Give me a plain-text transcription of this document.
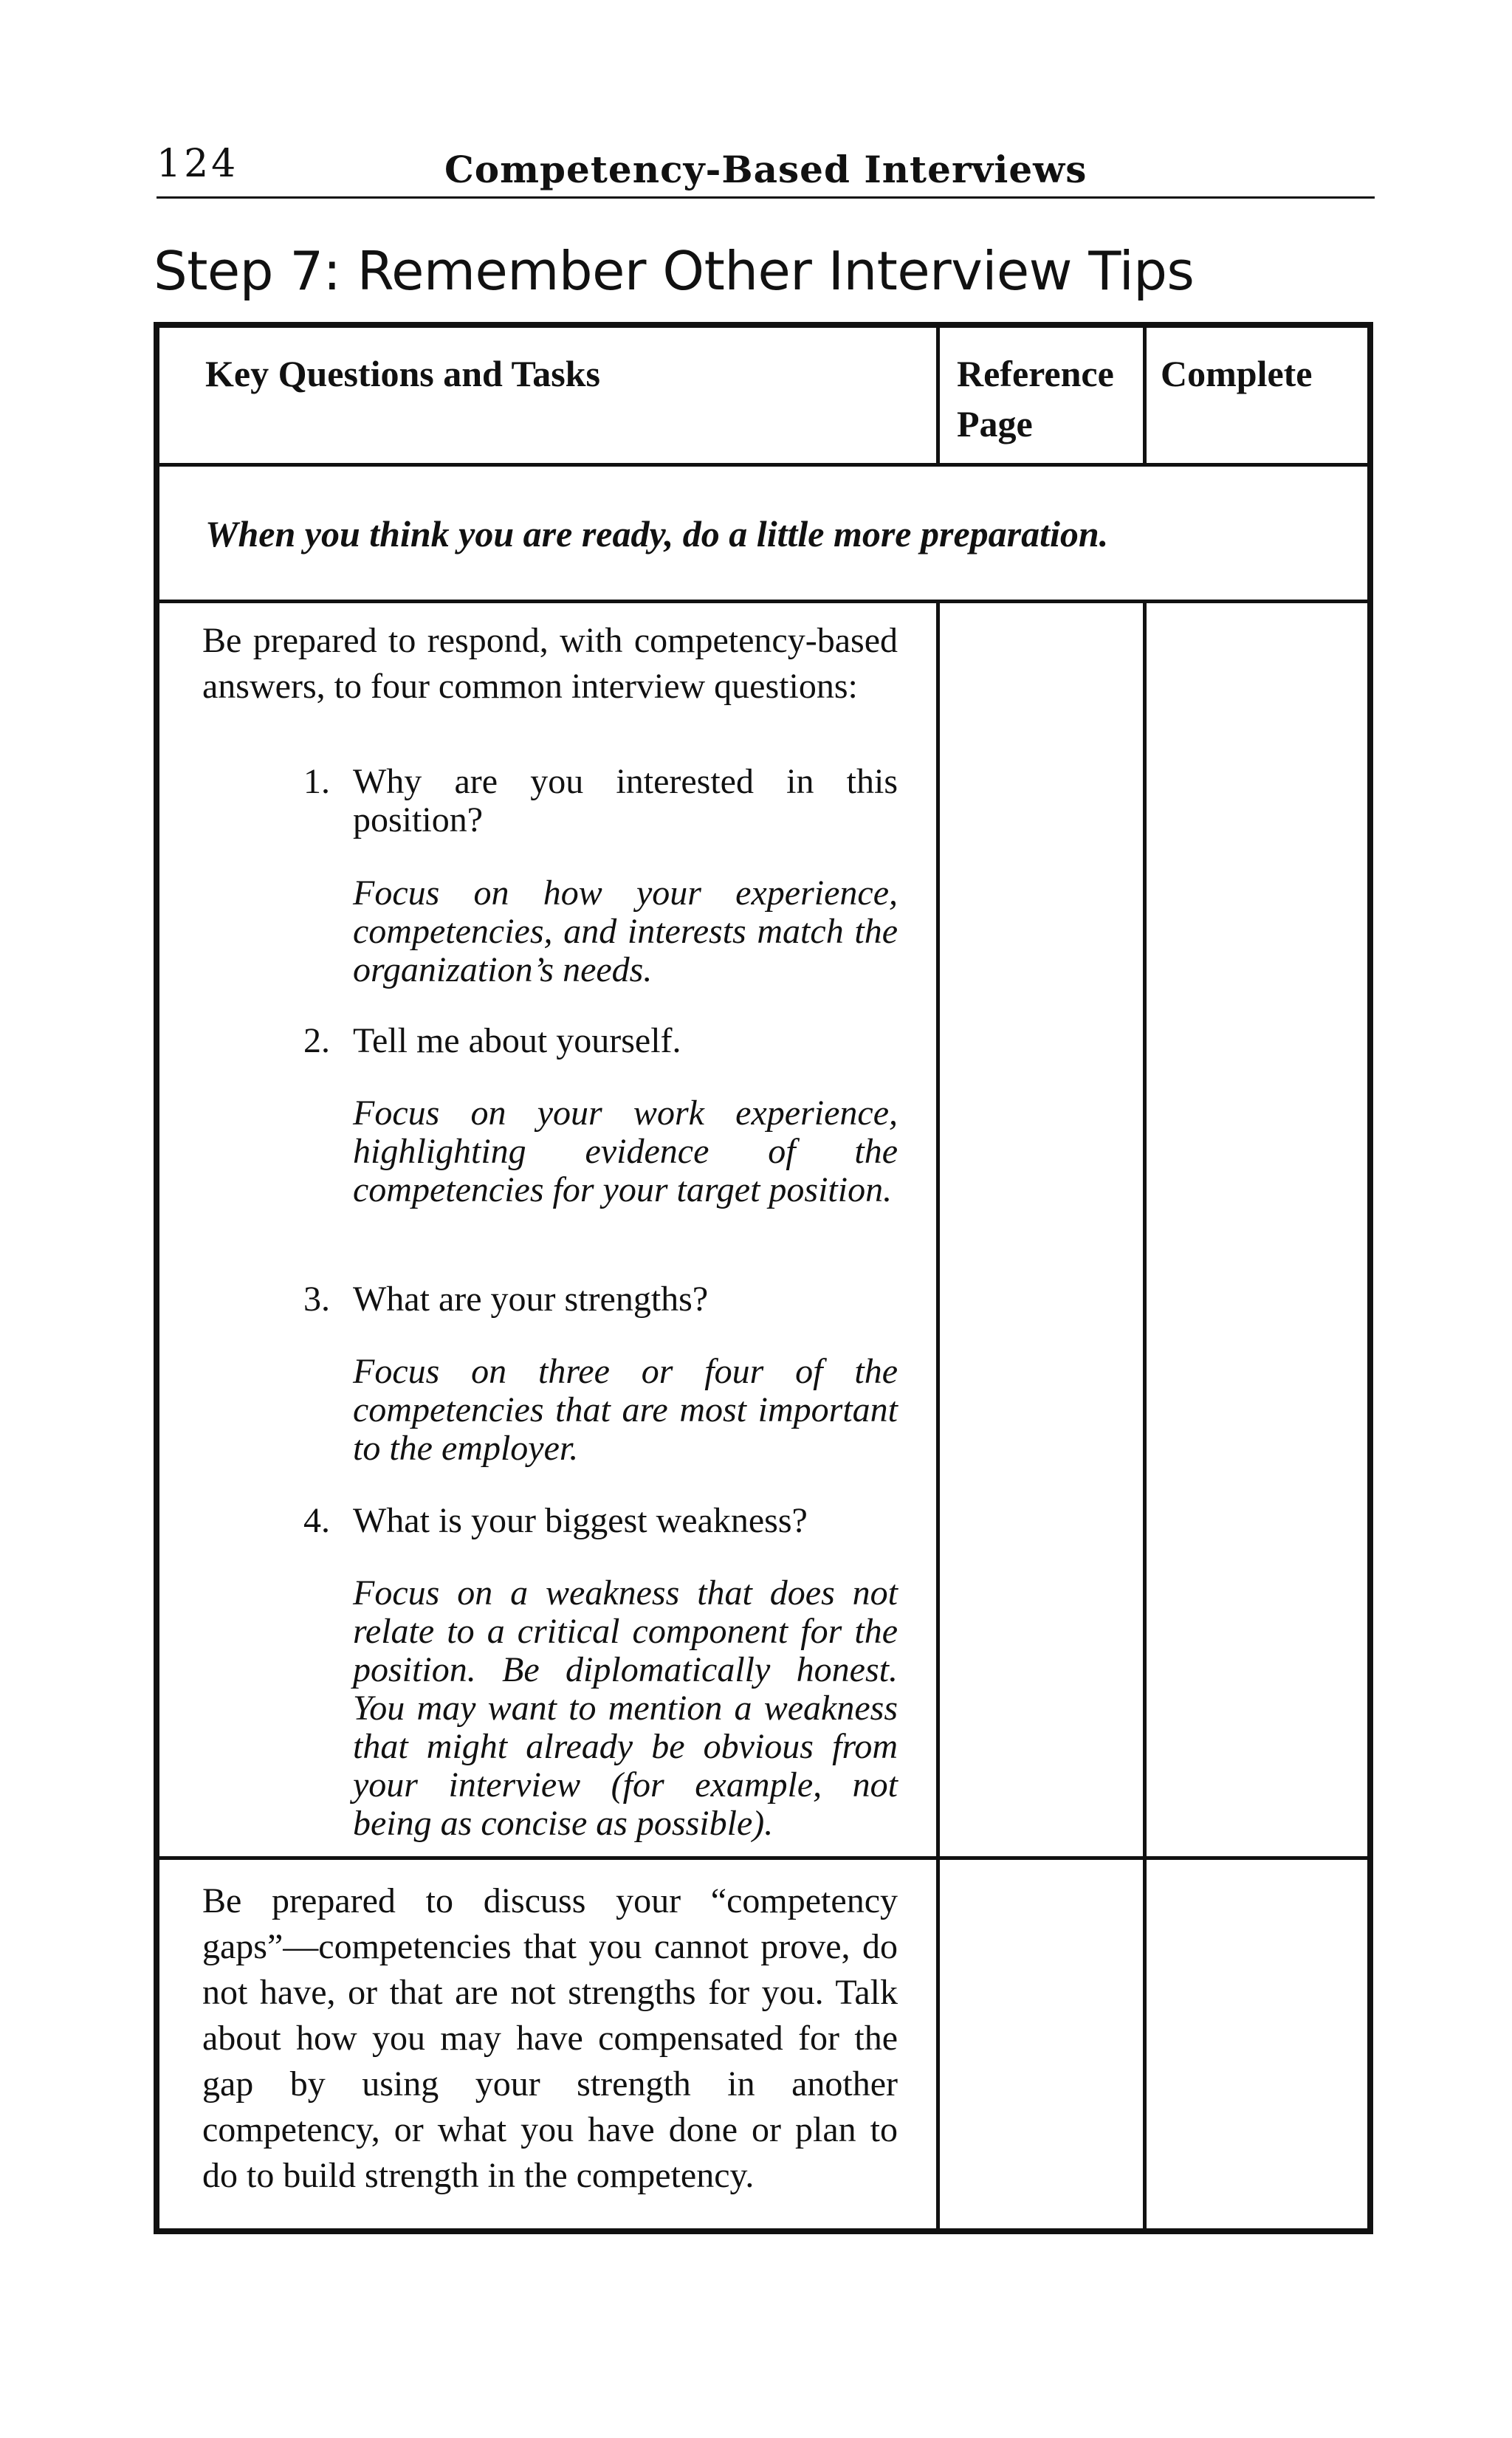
124	Competency-Based Interviews
Step 7: Remember Other Interview Tips
Key Questions and Tasks	Reference Page
Complete
When you think you are ready, do a little more preparation.
Be prepared to respond, with competency-based answers, to four common interview questions:
1. Why are you interested in this position?
Focus on how your experience, competencies, and interests match the organization’s needs.
2. Tell me about yourself.
Focus on your work experience, highlighting evidence of the competencies for your target position.
3. What are your strengths?
Focus on three or four of the competencies that are most important to the employer.
4. What is your biggest weakness?
Focus on a weakness that does not relate to a critical component for the position. Be diplomatically honest. You may want to mention a weakness that might already be obvious from your interview (for example, not being as concise as possible).
Be prepared to discuss your “competency gaps”—competencies that you cannot prove, do not have, or that are not strengths for you. Talk about how you may have compensated for the gap by using your strength in another competency, or what you have done or plan to do to build strength in the competency.
